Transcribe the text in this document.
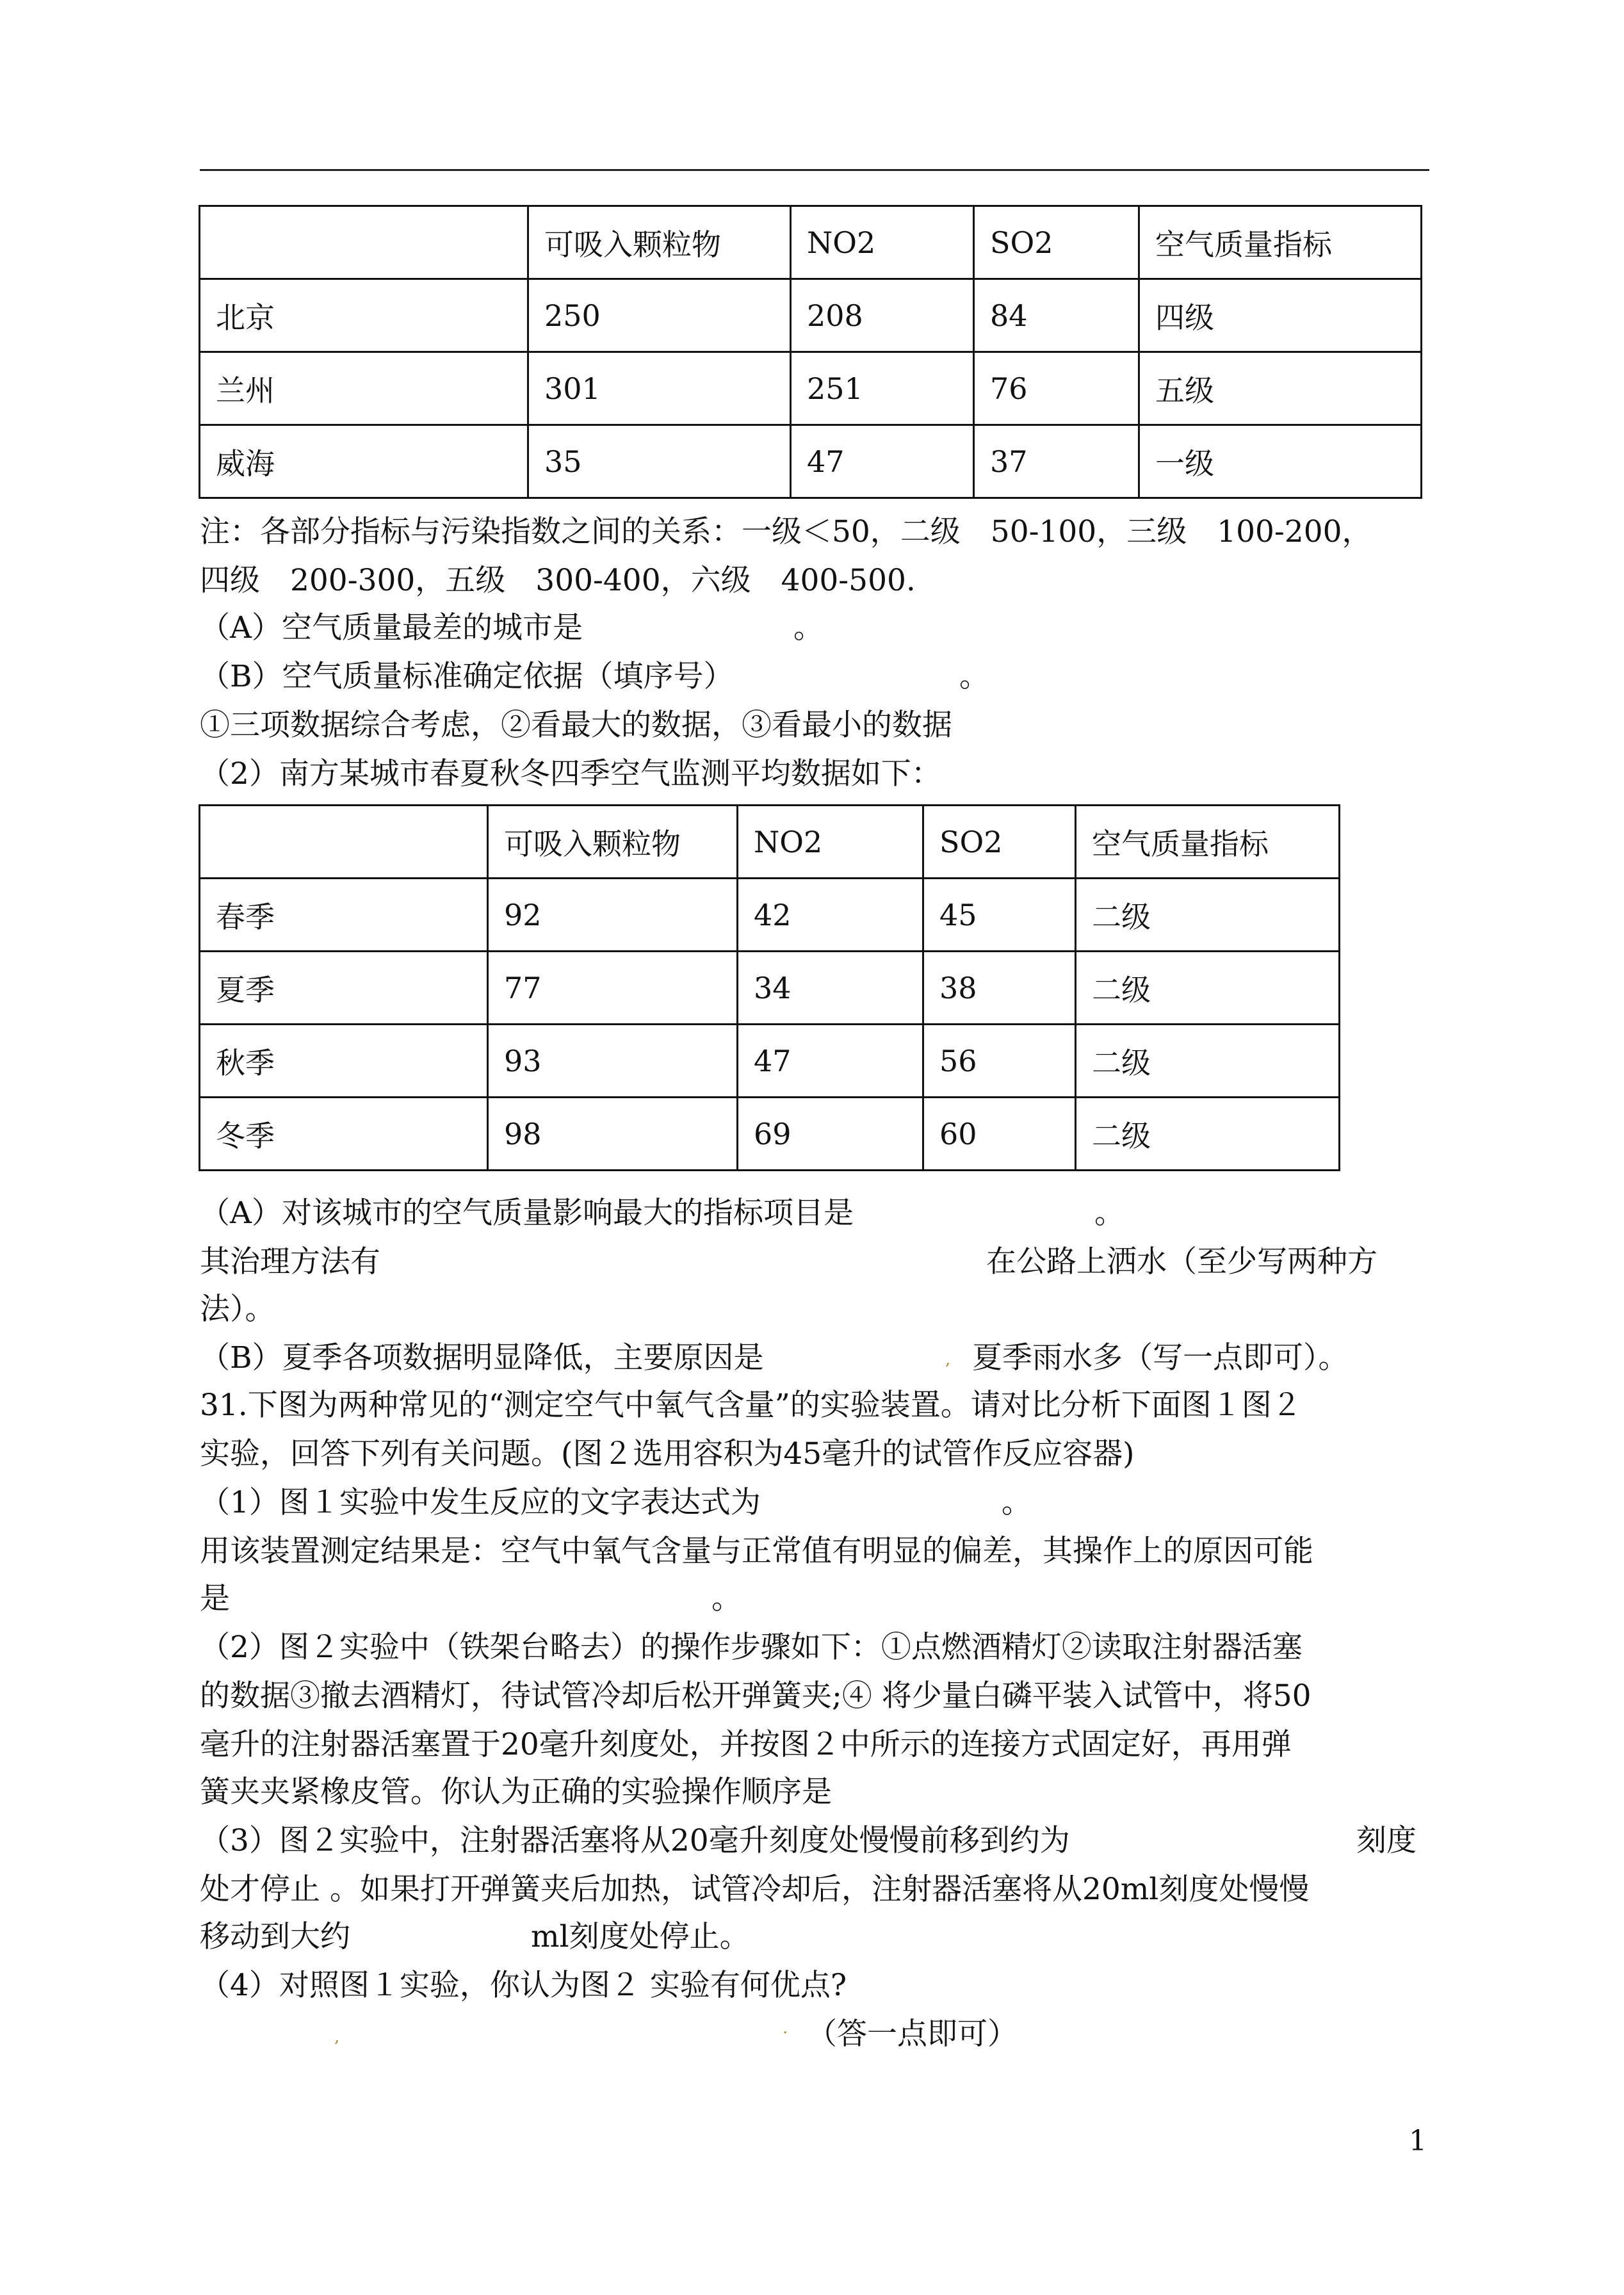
	可吸入颗粒物	NO2	SO2	空气质量指标
北京	250	208	84	四级
兰州	301	251	76	五级
威海	35	47	37	一级
注：各部分指标与污染指数之间的关系：一级＜50，二级　50-100，三级　100-200，
四级　200-300，五级　300-400，六级　400-500.
（A）空气质量最差的城市是　　　　　　　。
（B）空气质量标准确定依据（填序号）　　　　　　　　。
①三项数据综合考虑，②看最大的数据，③看最小的数据
（2）南方某城市春夏秋冬四季空气监测平均数据如下：
	可吸入颗粒物	NO2	SO2	空气质量指标
春季	92	42	45	二级
夏季	77	34	38	二级
秋季	93	47	56	二级
冬季	98	69	60	二级
（A）对该城市的空气质量影响最大的指标项目是　　　　　　　　。
其治理方法有	在公路上洒水（至少写两种方
法）。
（B）夏季各项数据明显降低，主要原因是	, 夏季雨水多（写一点即可）。
31.下图为两种常见的“测定空气中氧气含量”的实验装置。请对比分析下面图１图２
实验，回答下列有关问题。(图２选用容积为45毫升的试管作反应容器)
（1）图１实验中发生反应的文字表达式为　　　　　　　　。
用该装置测定结果是：空气中氧气含量与正常值有明显的偏差，其操作上的原因可能
是　　　　　　　　　　　　　　　　。
（2）图２实验中（铁架台略去）的操作步骤如下：①点燃酒精灯②读取注射器活塞
的数据③撤去酒精灯，待试管冷却后松开弹簧夹;④ 将少量白磷平装入试管中，将50
毫升的注射器活塞置于20毫升刻度处，并按图２中所示的连接方式固定好，再用弹
簧夹夹紧橡皮管。你认为正确的实验操作顺序是
（3）图２实验中，注射器活塞将从20毫升刻度处慢慢前移到约为	刻度
处才停止 。如果打开弹簧夹后加热，试管冷却后，注射器活塞将从20ml刻度处慢慢
移动到大约　　　　　　ml刻度处停止。
（4）对照图１实验，你认为图２ 实验有何优点?
,	. （答一点即可）
1
